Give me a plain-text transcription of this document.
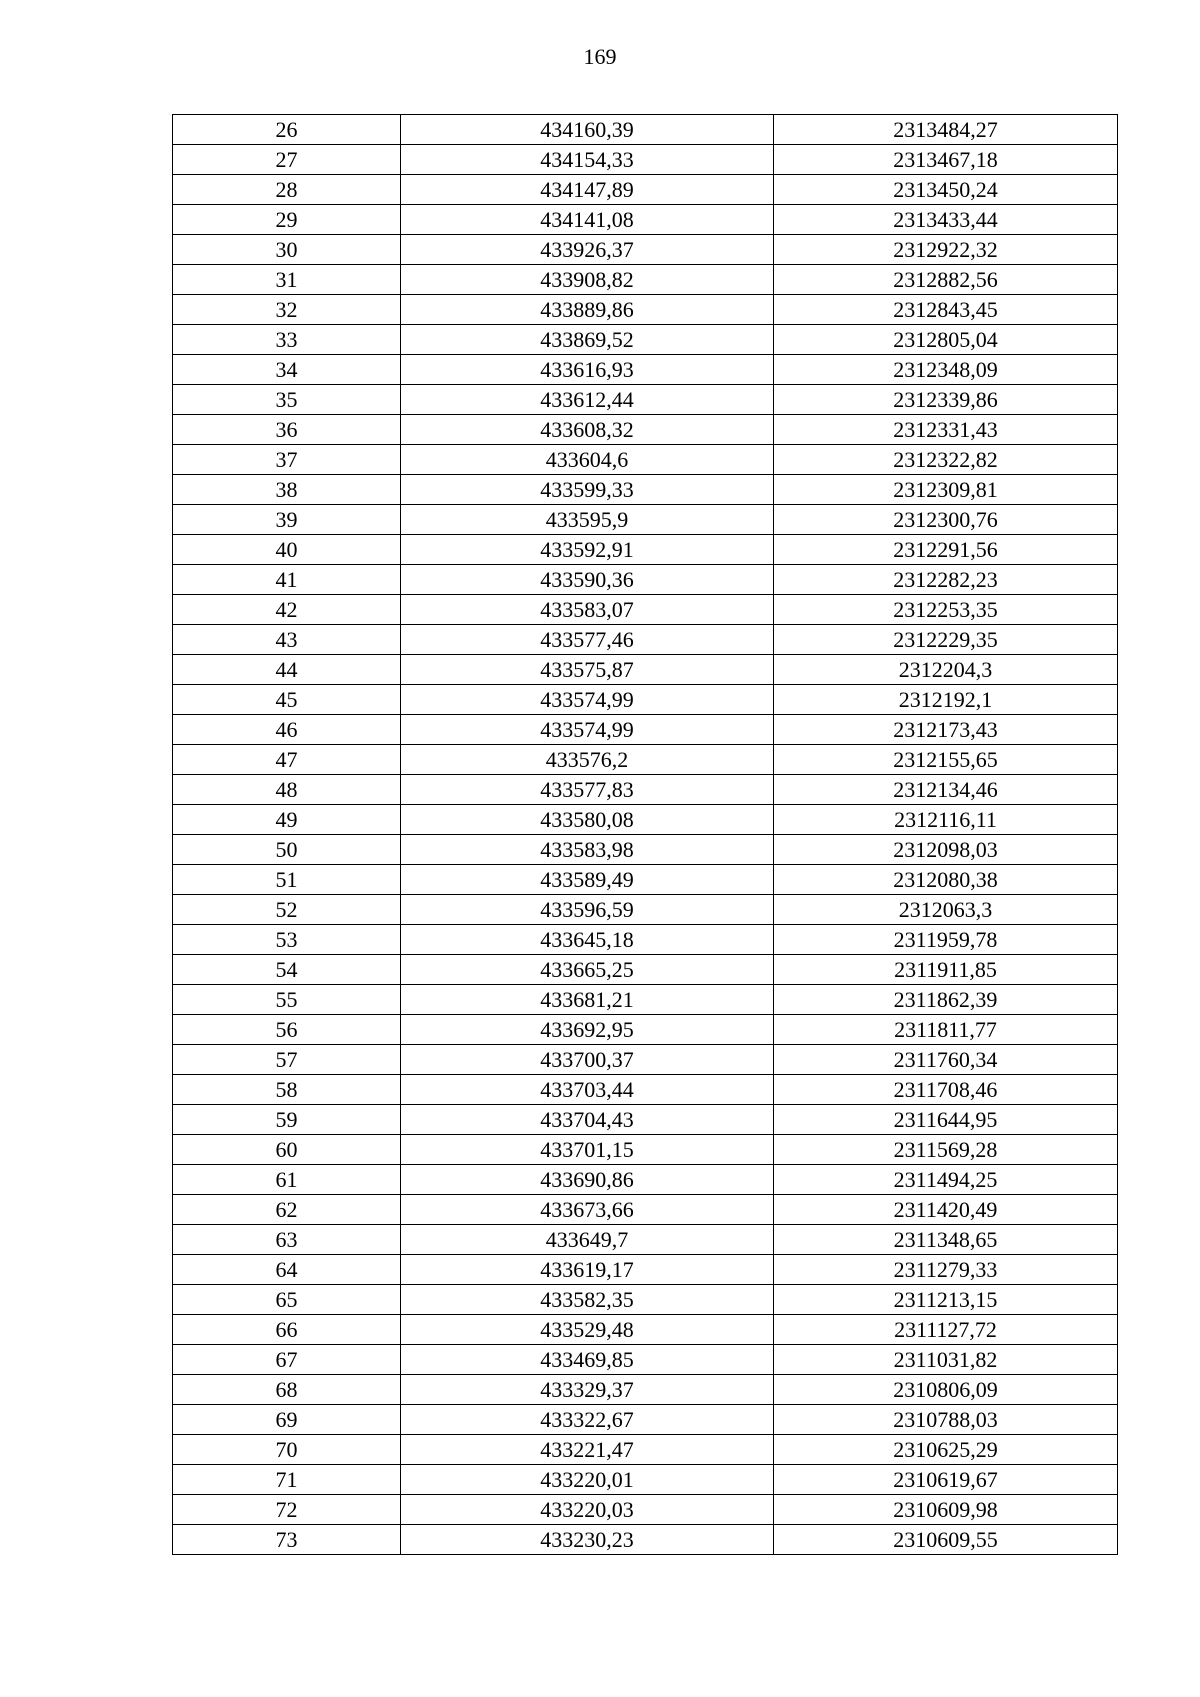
169
26	434160,39	2313484,27
27	434154,33	2313467,18
28	434147,89	2313450,24
29	434141,08	2313433,44
30	433926,37	2312922,32
31	433908,82	2312882,56
32	433889,86	2312843,45
33	433869,52	2312805,04
34	433616,93	2312348,09
35	433612,44	2312339,86
36	433608,32	2312331,43
37	433604,6	2312322,82
38	433599,33	2312309,81
39	433595,9	2312300,76
40	433592,91	2312291,56
41	433590,36	2312282,23
42	433583,07	2312253,35
43	433577,46	2312229,35
44	433575,87	2312204,3
45	433574,99	2312192,1
46	433574,99	2312173,43
47	433576,2	2312155,65
48	433577,83	2312134,46
49	433580,08	2312116,11
50	433583,98	2312098,03
51	433589,49	2312080,38
52	433596,59	2312063,3
53	433645,18	2311959,78
54	433665,25	2311911,85
55	433681,21	2311862,39
56	433692,95	2311811,77
57	433700,37	2311760,34
58	433703,44	2311708,46
59	433704,43	2311644,95
60	433701,15	2311569,28
61	433690,86	2311494,25
62	433673,66	2311420,49
63	433649,7	2311348,65
64	433619,17	2311279,33
65	433582,35	2311213,15
66	433529,48	2311127,72
67	433469,85	2311031,82
68	433329,37	2310806,09
69	433322,67	2310788,03
70	433221,47	2310625,29
71	433220,01	2310619,67
72	433220,03	2310609,98
73	433230,23	2310609,55
